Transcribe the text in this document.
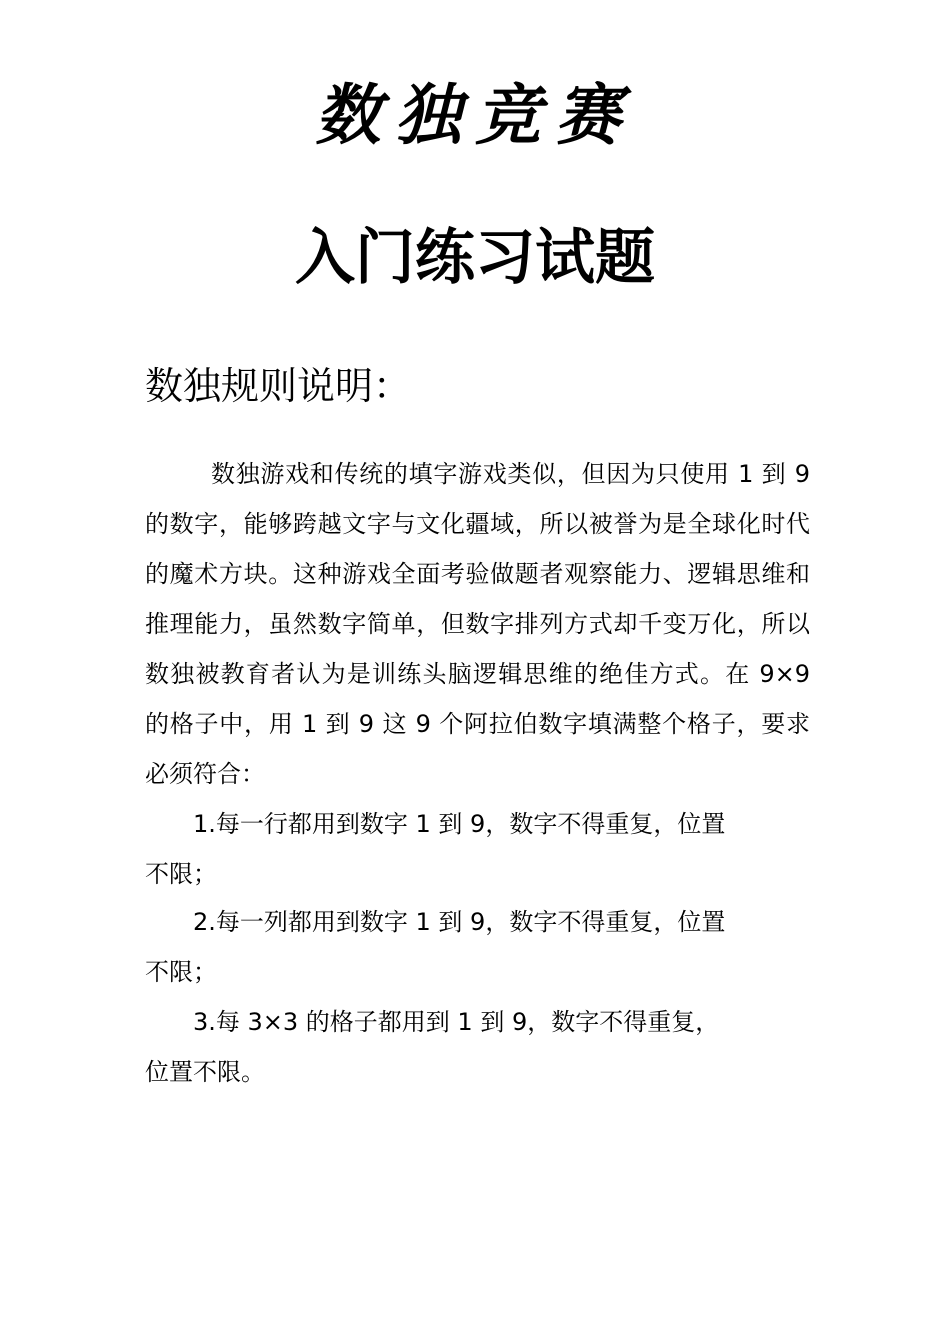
数独竞赛
入门练习试题
数独规则说明：

数独游戏和传统的填字游戏类似，但因为只使用 1 到 9 的数字，能够跨越文字与文化疆域，所以被誉为是全球化时代的魔术方块。这种游戏全面考验做题者观察能力、逻辑思维和推理能力，虽然数字简单，但数字排列方式却千变万化，所以数独被教育者认为是训练头脑逻辑思维的绝佳方式。在 9×9 的格子中，用 1 到 9 这 9 个阿拉伯数字填满整个格子，要求必须符合：

1.每一行都用到数字 1 到 9，数字不得重复，位置不限；

2.每一列都用到数字 1 到 9，数字不得重复，位置不限；

3.每 3×3 的格子都用到 1 到 9，数字不得重复，位置不限。
